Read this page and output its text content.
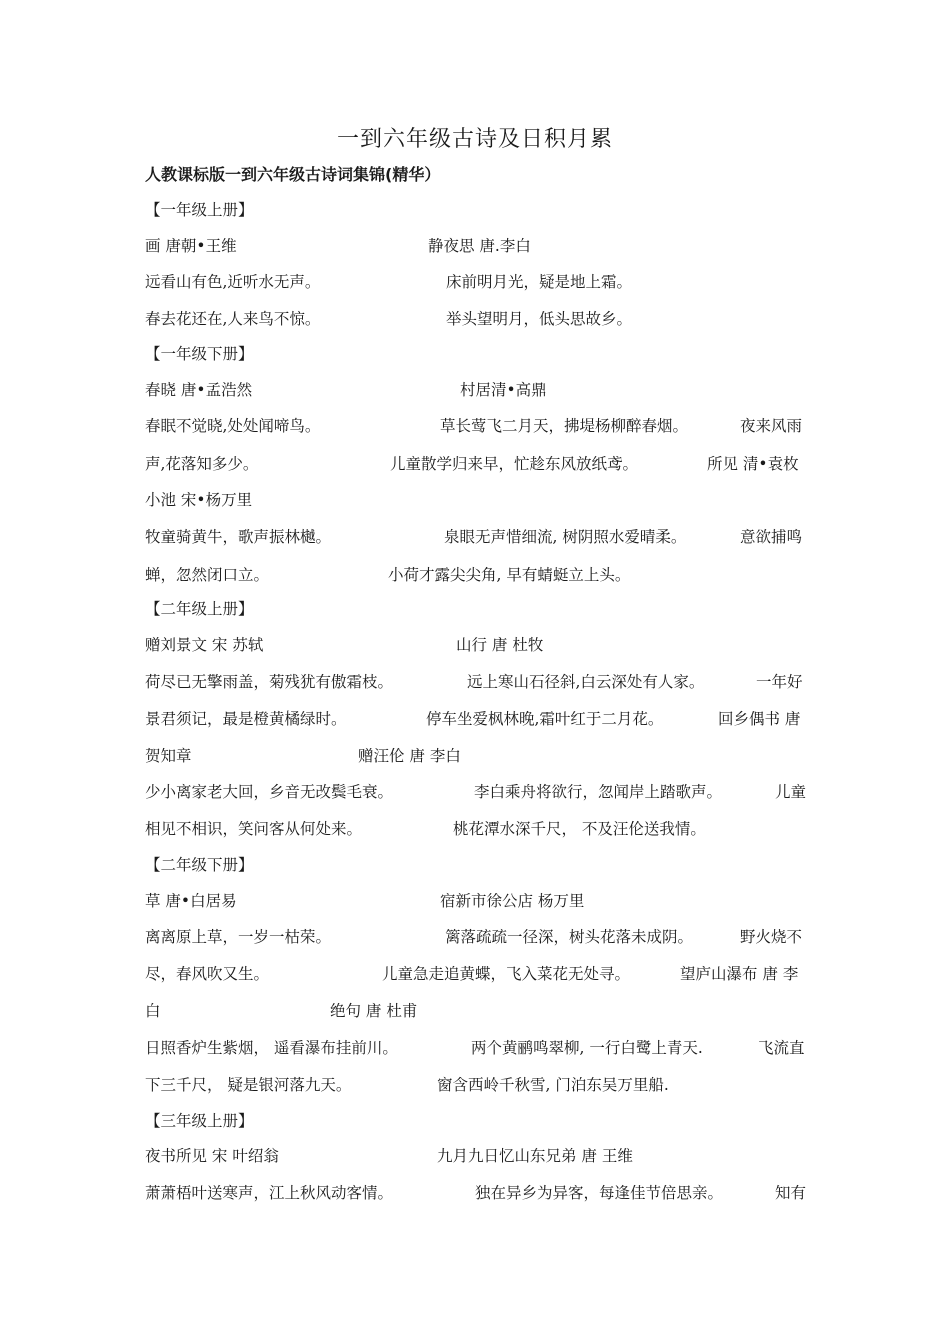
一到六年级古诗及日积月累
人教课标版一到六年级古诗词集锦(精华）
【一年级上册】
画 唐朝•王维	静夜思 唐.李白
远看山有色,近听水无声。	床前明月光，疑是地上霜。
春去花还在,人来鸟不惊。	举头望明月，低头思故乡。
【一年级下册】
春晓 唐•孟浩然	村居清•高鼎
春眠不觉晓,处处闻啼鸟。	草长莺飞二月天，拂堤杨柳醉春烟。	夜来风雨
声,花落知多少。	儿童散学归来早，忙趁东风放纸鸢。	所见 清•袁枚
小池 宋•杨万里
牧童骑黄牛，歌声振林樾。	泉眼无声惜细流, 树阴照水爱晴柔。	意欲捕鸣
蝉，忽然闭口立。	小荷才露尖尖角, 早有蜻蜓立上头。
【二年级上册】
赠刘景文 宋 苏轼	山行 唐 杜牧
荷尽已无擎雨盖，菊残犹有傲霜枝。	远上寒山石径斜,白云深处有人家。	一年好
景君须记，最是橙黄橘绿时。	停车坐爱枫林晚,霜叶红于二月花。	回乡偶书 唐
贺知章	赠汪伦 唐 李白
少小离家老大回，乡音无改鬓毛衰。	李白乘舟将欲行，忽闻岸上踏歌声。	儿童
相见不相识，笑问客从何处来。	桃花潭水深千尺， 不及汪伦送我情。
【二年级下册】
草 唐•白居易	宿新市徐公店 杨万里
离离原上草，一岁一枯荣。	篱落疏疏一径深，树头花落未成阴。	野火烧不
尽，春风吹又生。	儿童急走追黄蝶，飞入菜花无处寻。	望庐山瀑布 唐 李
白	绝句 唐 杜甫
日照香炉生紫烟， 遥看瀑布挂前川。	两个黄鹂鸣翠柳, 一行白鹭上青天.	飞流直
下三千尺， 疑是银河落九天。	窗含西岭千秋雪, 门泊东吴万里船.
【三年级上册】
夜书所见 宋 叶绍翁	九月九日忆山东兄弟 唐 王维
萧萧梧叶送寒声，江上秋风动客情。	独在异乡为异客，每逢佳节倍思亲。	知有
